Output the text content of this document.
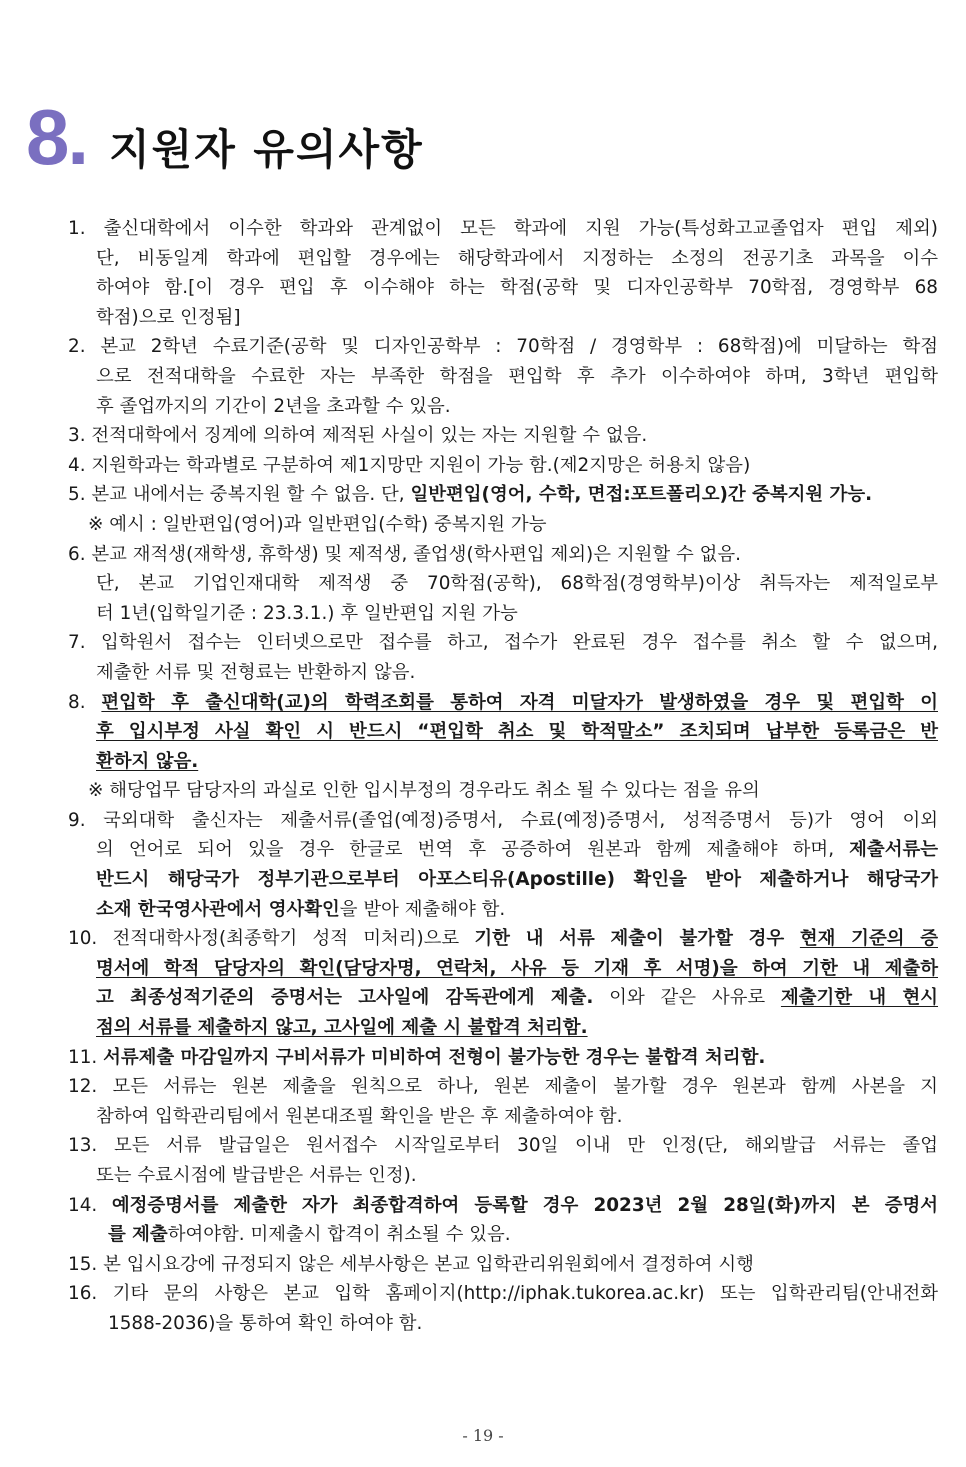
8. 지원자 유의사항
1. 출신대학에서 이수한 학과와 관계없이 모든 학과에 지원 가능(특성화고교졸업자 편입 제외)
단, 비동일계 학과에 편입할 경우에는 해당학과에서 지정하는 소정의 전공기초 과목을 이수
하여야 함.[이 경우 편입 후 이수해야 하는 학점(공학 및 디자인공학부 70학점, 경영학부 68
학점)으로 인정됨]
2. 본교 2학년 수료기준(공학 및 디자인공학부 : 70학점 / 경영학부 : 68학점)에 미달하는 학점
으로 전적대학을 수료한 자는 부족한 학점을 편입학 후 추가 이수하여야 하며, 3학년 편입학
후 졸업까지의 기간이 2년을 초과할 수 있음.
3. 전적대학에서 징계에 의하여 제적된 사실이 있는 자는 지원할 수 없음.
4. 지원학과는 학과별로 구분하여 제1지망만 지원이 가능 함.(제2지망은 허용치 않음)
5. 본교 내에서는 중복지원 할 수 없음. 단, 일반편입(영어, 수학, 면접:포트폴리오)간 중복지원 가능.
※ 예시 : 일반편입(영어)과 일반편입(수학) 중복지원 가능
6. 본교 재적생(재학생, 휴학생) 및 제적생, 졸업생(학사편입 제외)은 지원할 수 없음.
단, 본교 기업인재대학 제적생 중 70학점(공학), 68학점(경영학부)이상 취득자는 제적일로부
터 1년(입학일기준 : 23.3.1.) 후 일반편입 지원 가능
7. 입학원서 접수는 인터넷으로만 접수를 하고, 접수가 완료된 경우 접수를 취소 할 수 없으며,
제출한 서류 및 전형료는 반환하지 않음.
8. 편입학 후 출신대학(교)의 학력조회를 통하여 자격 미달자가 발생하였을 경우 및 편입학 이
후 입시부정 사실 확인 시 반드시 “편입학 취소 및 학적말소” 조치되며 납부한 등록금은 반
환하지 않음.
※ 해당업무 담당자의 과실로 인한 입시부정의 경우라도 취소 될 수 있다는 점을 유의
9. 국외대학 출신자는 제출서류(졸업(예정)증명서, 수료(예정)증명서, 성적증명서 등)가 영어 이외
의 언어로 되어 있을 경우 한글로 번역 후 공증하여 원본과 함께 제출해야 하며, 제출서류는
반드시 해당국가 정부기관으로부터 아포스티유(Apostille) 확인을 받아 제출하거나 해당국가
소재 한국영사관에서 영사확인을 받아 제출해야 함.
10. 전적대학사정(최종학기 성적 미처리)으로 기한 내 서류 제출이 불가할 경우 현재 기준의 증
명서에 학적 담당자의 확인(담당자명, 연락처, 사유 등 기재 후 서명)을 하여 기한 내 제출하
고 최종성적기준의 증명서는 고사일에 감독관에게 제출. 이와 같은 사유로 제출기한 내 현시
점의 서류를 제출하지 않고, 고사일에 제출 시 불합격 처리함.
11. 서류제출 마감일까지 구비서류가 미비하여 전형이 불가능한 경우는 불합격 처리함.
12. 모든 서류는 원본 제출을 원칙으로 하나, 원본 제출이 불가할 경우 원본과 함께 사본을 지
참하여 입학관리팀에서 원본대조필 확인을 받은 후 제출하여야 함.
13. 모든 서류 발급일은 원서접수 시작일로부터 30일 이내 만 인정(단, 해외발급 서류는 졸업
또는 수료시점에 발급받은 서류는 인정).
14. 예정증명서를 제출한 자가 최종합격하여 등록할 경우 2023년 2월 28일(화)까지 본 증명서
를 제출하여야함. 미제출시 합격이 취소될 수 있음.
15. 본 입시요강에 규정되지 않은 세부사항은 본교 입학관리위원회에서 결정하여 시행
16. 기타 문의 사항은 본교 입학 홈페이지(http://iphak.tukorea.ac.kr) 또는 입학관리팀(안내전화
1588-2036)을 통하여 확인 하여야 함.
- 19 -
